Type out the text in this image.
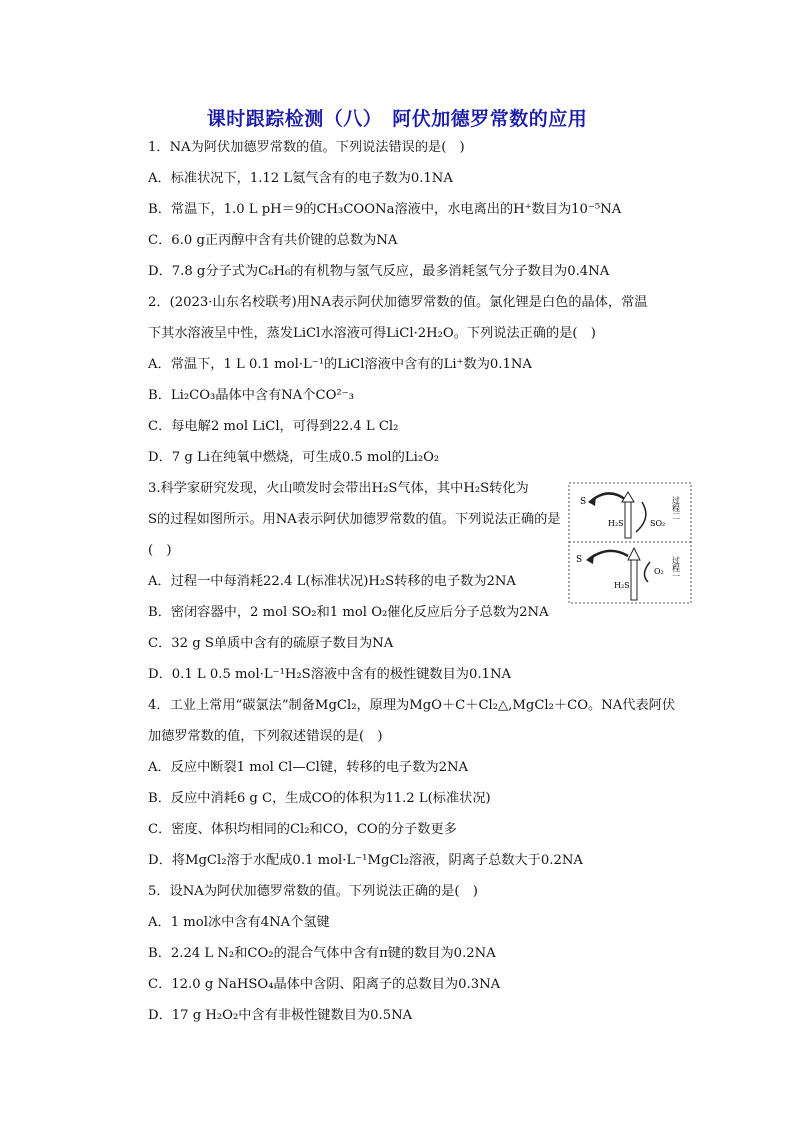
课时跟踪检测（八）　阿伏加德罗常数的应用
1．NA为阿伏加德罗常数的值。下列说法错误的是(　)
A．标准状况下，1.12 L氦气含有的电子数为0.1NA
B．常温下，1.0 L pH＝9的CH₃COONa溶液中，水电离出的H⁺数目为10⁻⁵NA
C．6.0 g正丙醇中含有共价键的总数为NA
D．7.8 g分子式为C₆H₆的有机物与氢气反应，最多消耗氢气分子数目为0.4NA
2．(2023·山东名校联考)用NA表示阿伏加德罗常数的值。氯化锂是白色的晶体，常温
下其水溶液呈中性，蒸发LiCl水溶液可得LiCl·2H₂O。下列说法正确的是(　)
A．常温下，1 L 0.1 mol·L⁻¹的LiCl溶液中含有的Li⁺数为0.1NA
B．Li₂CO₃晶体中含有NA个CO²⁻₃
C．每电解2 mol LiCl，可得到22.4 L Cl₂
D．7 g Li在纯氧中燃烧，可生成0.5 mol的Li₂O₂
3.科学家研究发现，火山喷发时会带出H₂S气体，其中H₂S转化为
S的过程如图所示。用NA表示阿伏加德罗常数的值。下列说法正确的是
(　)
A．过程一中每消耗22.4 L(标准状况)H₂S转移的电子数为2NA
B．密闭容器中，2 mol SO₂和1 mol O₂催化反应后分子总数为2NA
C．32 g S单质中含有的硫原子数目为NA
D．0.1 L 0.5 mol·L⁻¹H₂S溶液中含有的极性键数目为0.1NA
4．工业上常用“碳氯法”制备MgCl₂，原理为MgO＋C＋Cl₂△,MgCl₂＋CO。NA代表阿伏
加德罗常数的值，下列叙述错误的是(　)
A．反应中断裂1 mol Cl—Cl键，转移的电子数为2NA
B．反应中消耗6 g C，生成CO的体积为11.2 L(标准状况)
C．密度、体积均相同的Cl₂和CO，CO的分子数更多
D．将MgCl₂溶于水配成0.1 mol·L⁻¹MgCl₂溶液，阴离子总数大于0.2NA
5．设NA为阿伏加德罗常数的值。下列说法正确的是(　)
A．1 mol冰中含有4NA个氢键
B．2.24 L N₂和CO₂的混合气体中含有π键的数目为0.2NA
C．12.0 g NaHSO₄晶体中含阴、阳离子的总数目为0.3NA
D．17 g H₂O₂中含有非极性键数目为0.5NA
S
H₂S	SO₂
过程二
S
H₂S
O₂ 过程一
